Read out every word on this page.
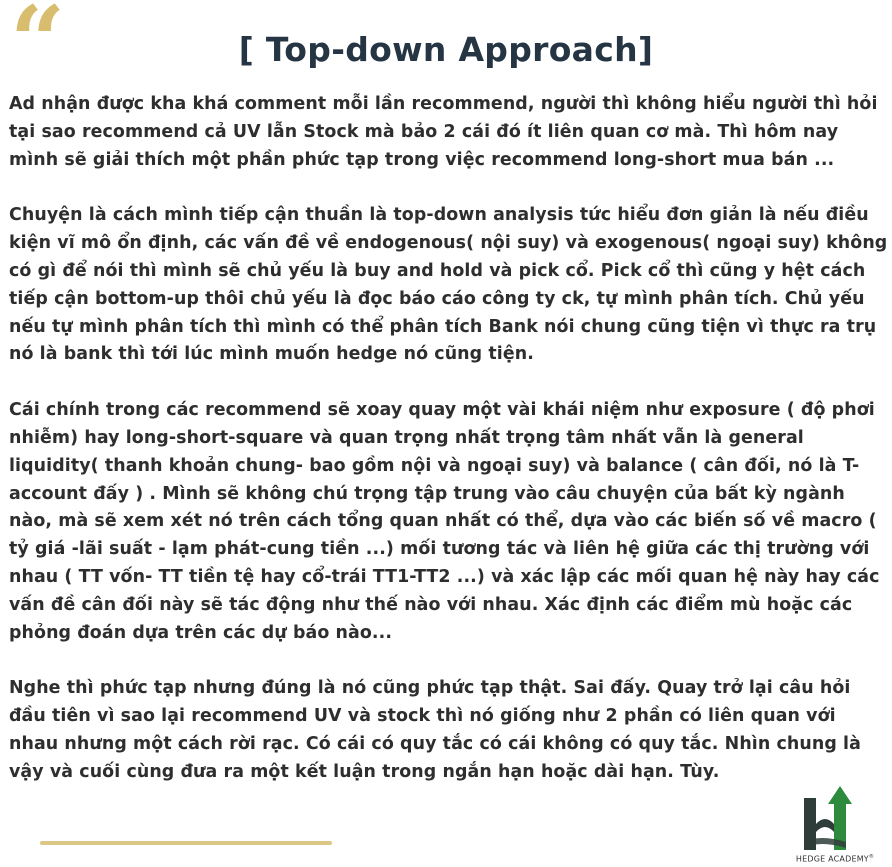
“	[ Top-down Approach]

Ad nhận được kha khá comment mỗi lần recommend, người thì không hiểu người thì hỏi tại sao recommend cả UV lẫn Stock mà bảo 2 cái đó ít liên quan cơ mà. Thì hôm nay mình sẽ giải thích một phần phức tạp trong việc recommend long-short mua bán ...

Chuyện là cách mình tiếp cận thuần là top-down analysis tức hiểu đơn giản là nếu điều kiện vĩ mô ổn định, các vấn đề về endogenous( nội suy) và exogenous( ngoại suy) không có gì để nói thì mình sẽ chủ yếu là buy and hold và pick cổ. Pick cổ thì cũng y hệt cách tiếp cận bottom-up thôi chủ yếu là đọc báo cáo công ty ck, tự mình phân tích. Chủ yếu nếu tự mình phân tích thì mình có thể phân tích Bank nói chung cũng tiện vì thực ra trụ nó là bank thì tới lúc mình muốn hedge nó cũng tiện.

Cái chính trong các recommend sẽ xoay quay một vài khái niệm như exposure ( độ phơi nhiễm) hay long-short-square và quan trọng nhất trọng tâm nhất vẫn là general liquidity( thanh khoản chung- bao gồm nội và ngoại suy) và balance ( cân đối, nó là T-account đấy ) . Mình sẽ không chú trọng tập trung vào câu chuyện của bất kỳ ngành nào, mà sẽ xem xét nó trên cách tổng quan nhất có thể, dựa vào các biến số về macro ( tỷ giá -lãi suất - lạm phát-cung tiền ...) mối tương tác và liên hệ giữa các thị trường với nhau ( TT vốn- TT tiền tệ hay cổ-trái TT1-TT2 ...) và xác lập các mối quan hệ này hay các vấn đề cân đối này sẽ tác động như thế nào với nhau. Xác định các điểm mù hoặc các phỏng đoán dựa trên các dự báo nào...

Nghe thì phức tạp nhưng đúng là nó cũng phức tạp thật. Sai đấy. Quay trở lại câu hỏi đầu tiên vì sao lại recommend UV và stock thì nó giống như 2 phần có liên quan với nhau nhưng một cách rời rạc. Có cái có quy tắc có cái không có quy tắc. Nhìn chung là vậy và cuối cùng đưa ra một kết luận trong ngắn hạn hoặc dài hạn. Tùy.

HEDGE ACADEMY®
